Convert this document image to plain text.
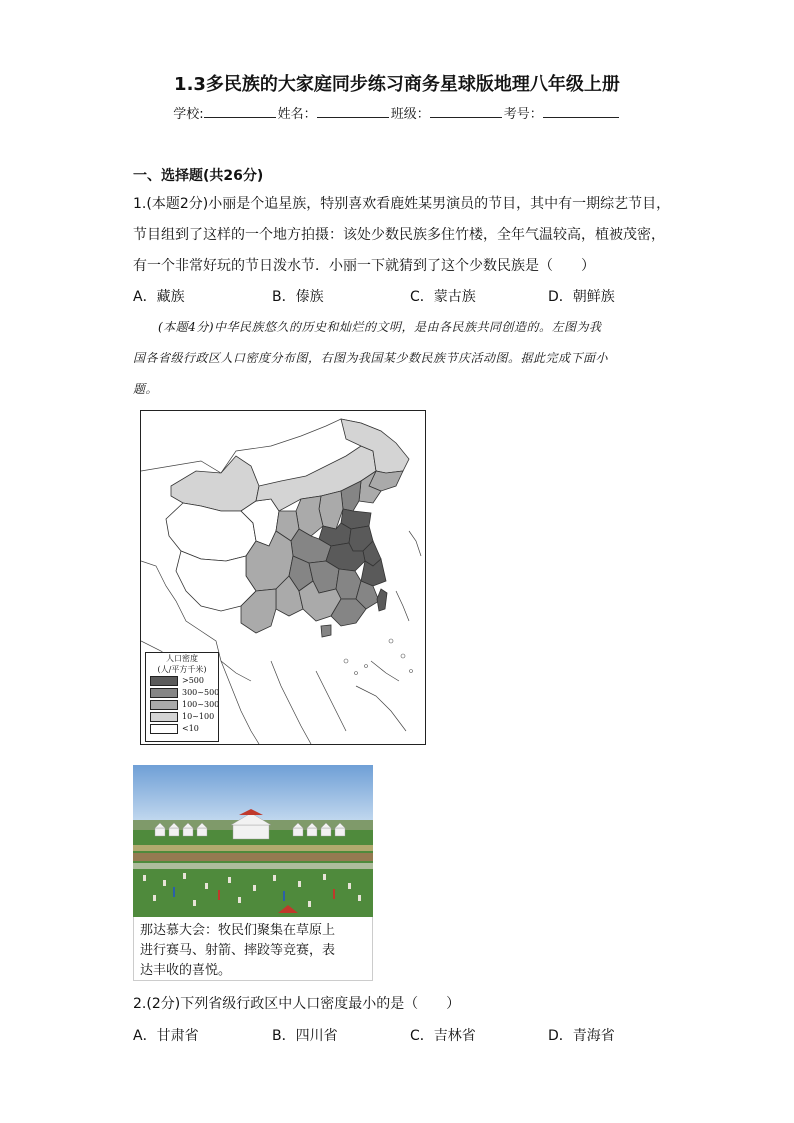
1.3多民族的大家庭同步练习商务星球版地理八年级上册
学校:	姓名：	班级：	考号：
一、选择题(共26分)
1.(本题2分)小丽是个追星族，特别喜欢看鹿姓某男演员的节目，其中有一期综艺节目，
节目组到了这样的一个地方拍摄：该处少数民族多住竹楼，全年气温较高，植被茂密，
有一个非常好玩的节日泼水节．小丽一下就猜到了这个少数民族是（　　）
A．藏族	B．傣族	C．蒙古族	D．朝鲜族
(本题4分)中华民族悠久的历史和灿烂的文明，是由各民族共同创造的。左图为我
国各省级行政区人口密度分布图，右图为我国某少数民族节庆活动图。据此完成下面小
题。
人口密度
(人/平方千米)
>500
300~500
100~300
10~100
<10
那达慕大会：牧民们聚集在草原上
进行赛马、射箭、摔跤等竞赛，表
达丰收的喜悦。
2.(2分)下列省级行政区中人口密度最小的是（　　）
A．甘肃省	B．四川省	C．吉林省	D．青海省
